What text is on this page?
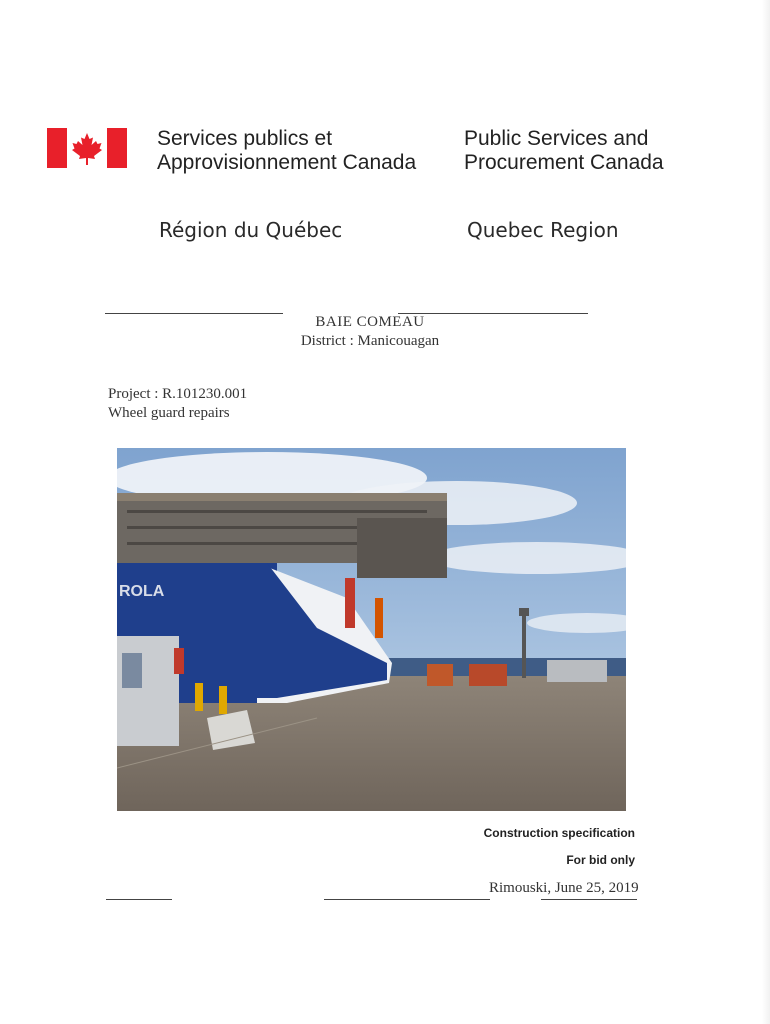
Services publics et
Approvisionnement Canada
Public Services and
Procurement Canada
Région du Québec	Quebec Region
BAIE COMEAU
District : Manicouagan
Project : R.101230.001
Wheel guard repairs
ROLA
Construction specification
For bid only
Rimouski, June 25, 2019
